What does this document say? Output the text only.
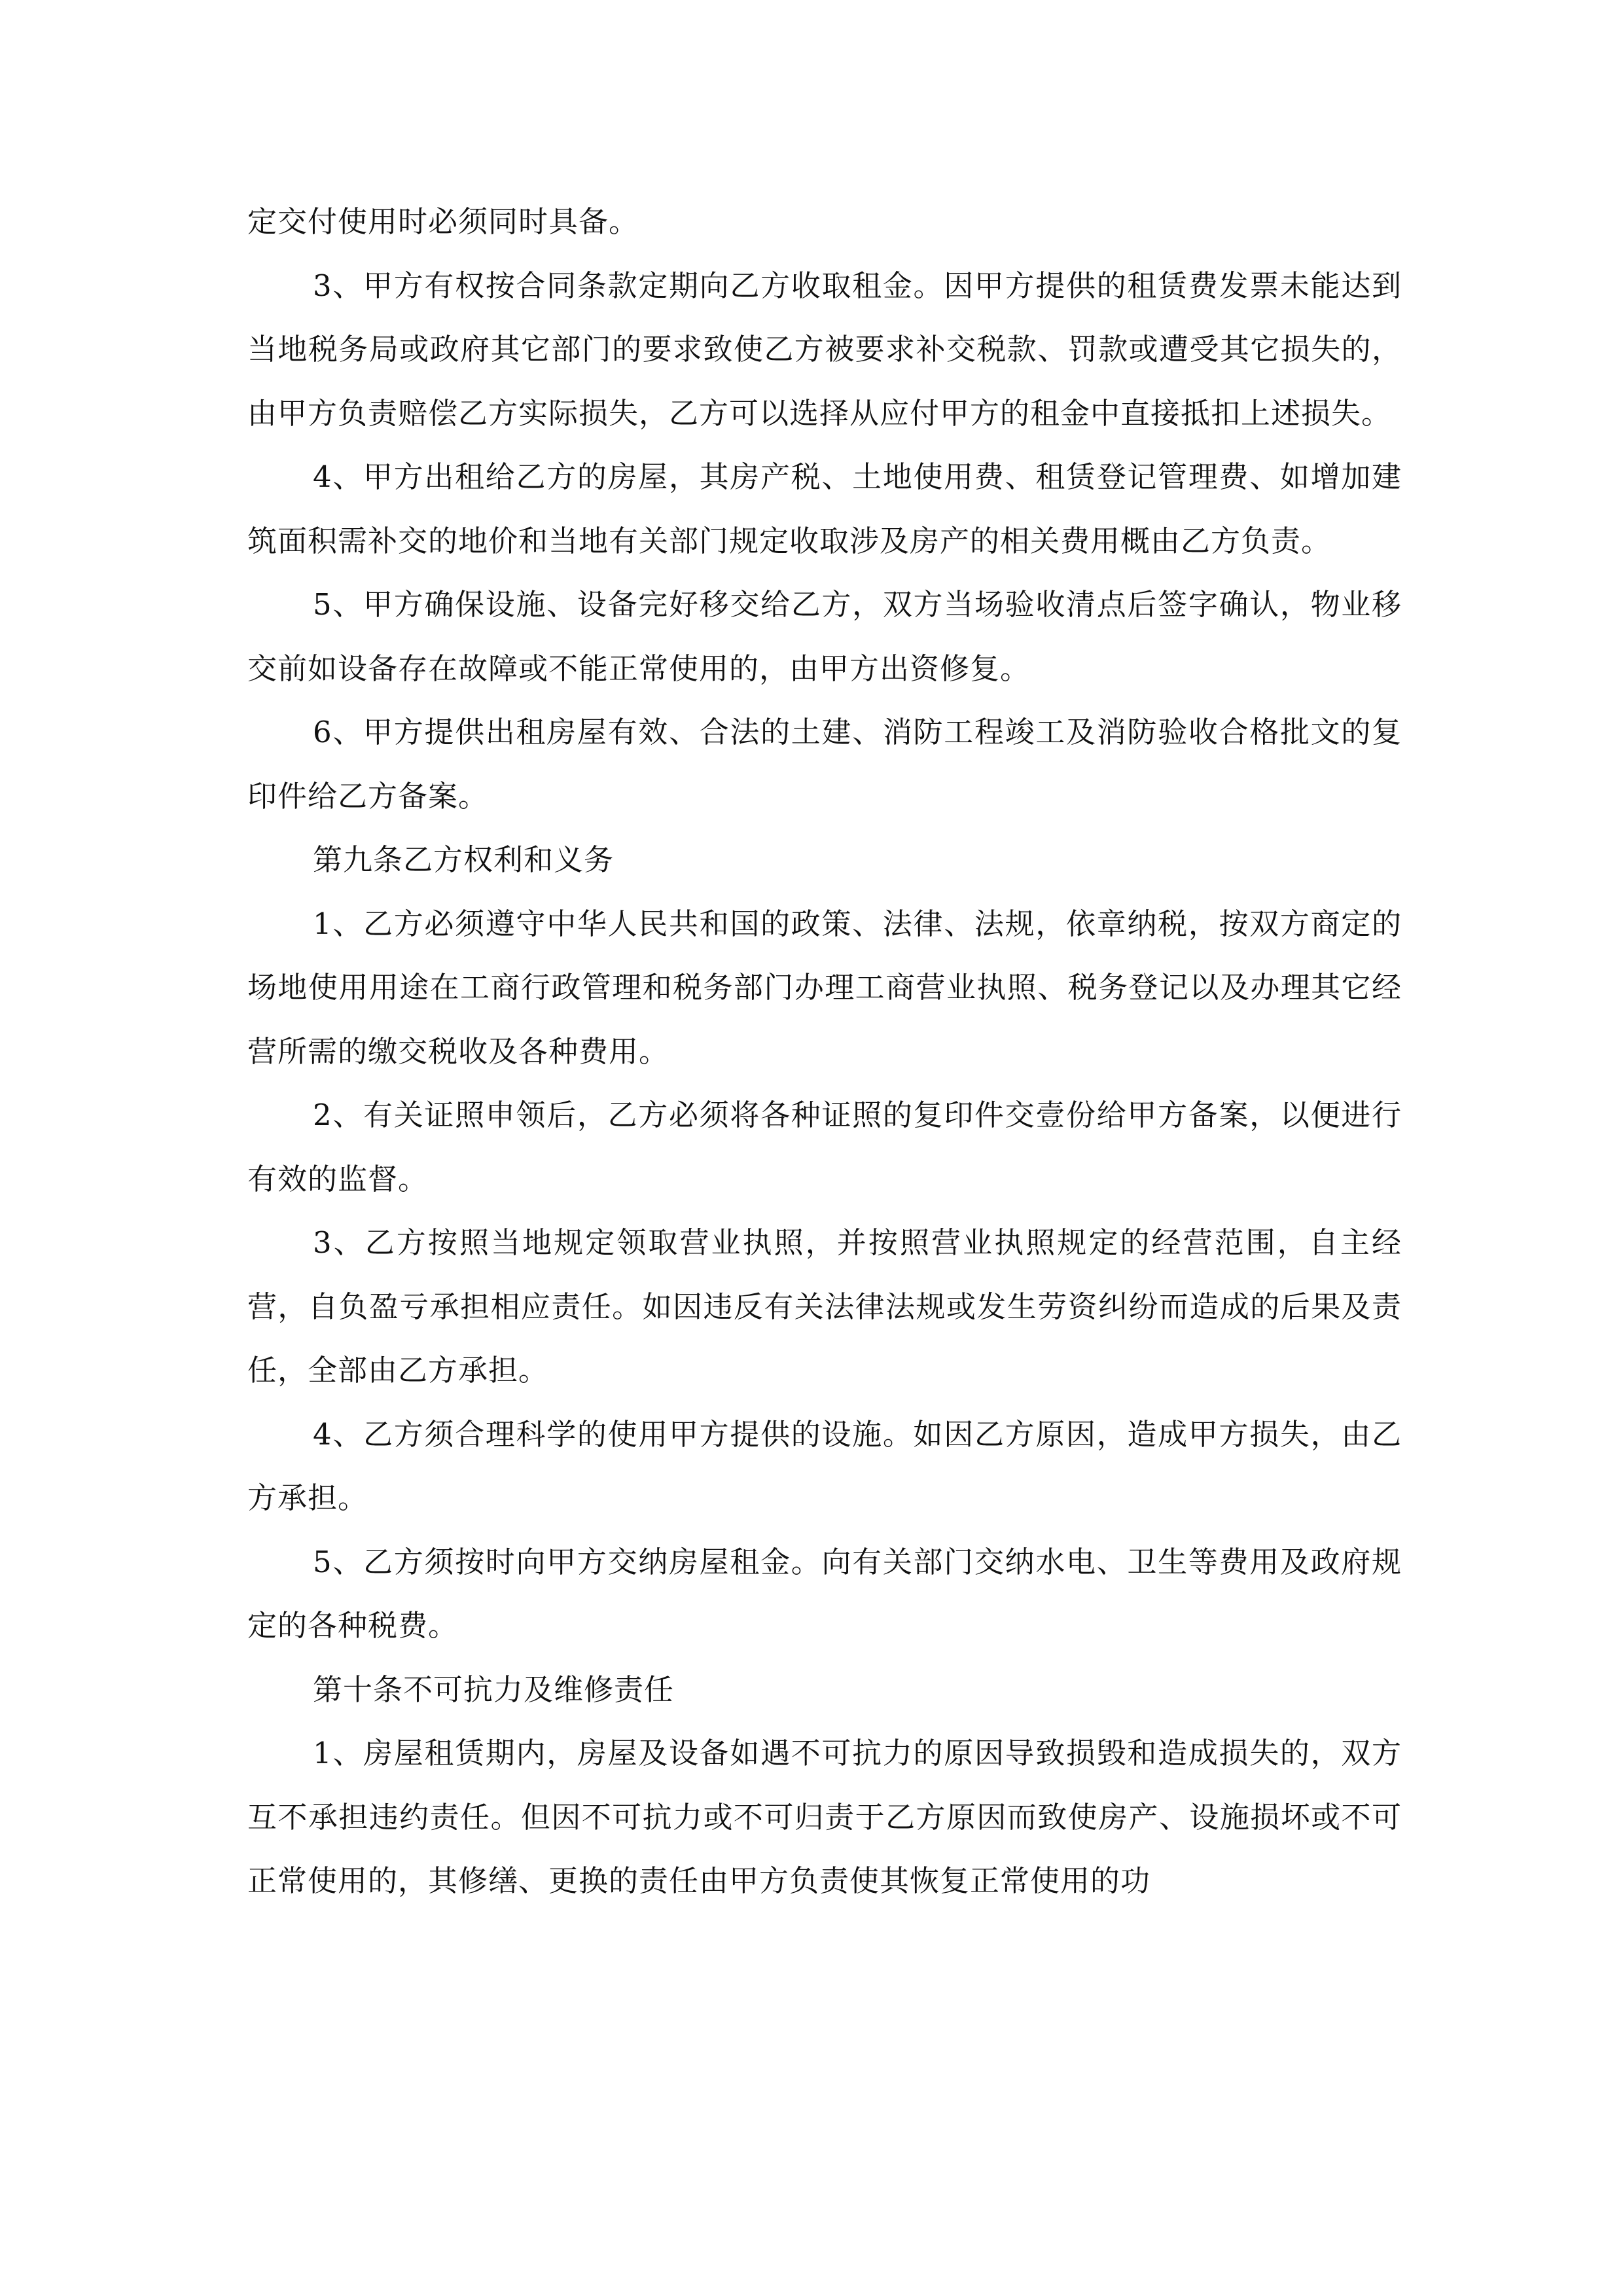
定交付使用时必须同时具备。

3、甲方有权按合同条款定期向乙方收取租金。因甲方提供的租赁费发票未能达到当地税务局或政府其它部门的要求致使乙方被要求补交税款、罚款或遭受其它损失的，由甲方负责赔偿乙方实际损失，乙方可以选择从应付甲方的租金中直接抵扣上述损失。

4、甲方出租给乙方的房屋，其房产税、土地使用费、租赁登记管理费、如增加建筑面积需补交的地价和当地有关部门规定收取涉及房产的相关费用概由乙方负责。

5、甲方确保设施、设备完好移交给乙方，双方当场验收清点后签字确认，物业移交前如设备存在故障或不能正常使用的，由甲方出资修复。

6、甲方提供出租房屋有效、合法的土建、消防工程竣工及消防验收合格批文的复印件给乙方备案。

第九条乙方权利和义务

1、乙方必须遵守中华人民共和国的政策、法律、法规，依章纳税，按双方商定的场地使用用途在工商行政管理和税务部门办理工商营业执照、税务登记以及办理其它经营所需的缴交税收及各种费用。

2、有关证照申领后，乙方必须将各种证照的复印件交壹份给甲方备案，以便进行有效的监督。

3、乙方按照当地规定领取营业执照，并按照营业执照规定的经营范围，自主经营，自负盈亏承担相应责任。如因违反有关法律法规或发生劳资纠纷而造成的后果及责任，全部由乙方承担。

4、乙方须合理科学的使用甲方提供的设施。如因乙方原因，造成甲方损失，由乙方承担。

5、乙方须按时向甲方交纳房屋租金。向有关部门交纳水电、卫生等费用及政府规定的各种税费。

第十条不可抗力及维修责任

1、房屋租赁期内，房屋及设备如遇不可抗力的原因导致损毁和造成损失的，双方互不承担违约责任。但因不可抗力或不可归责于乙方原因而致使房产、设施损坏或不可正常使用的，其修缮、更换的责任由甲方负责使其恢复正常使用的功
